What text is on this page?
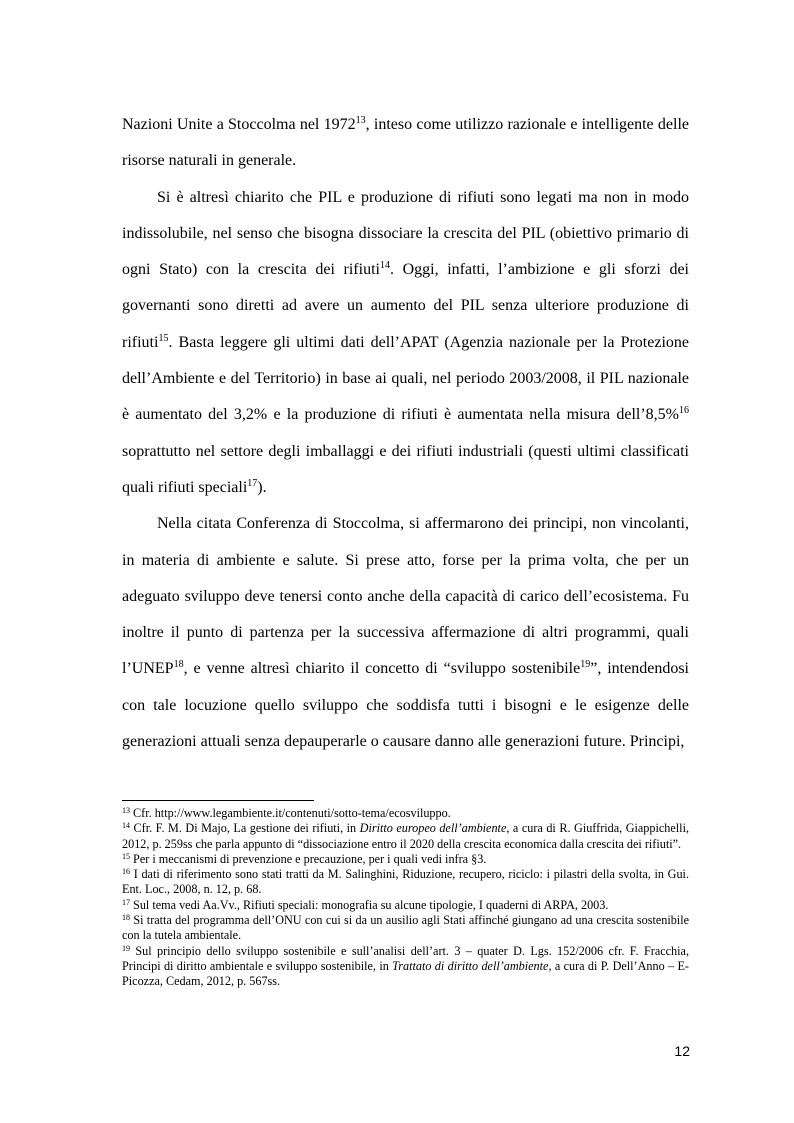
Nazioni Unite a Stoccolma nel 1972$^{13}$, inteso come utilizzo razionale e intelligente delle risorse naturali in generale.

Si è altresì chiarito che PIL e produzione di rifiuti sono legati ma non in modo indissolubile, nel senso che bisogna dissociare la crescita del PIL (obiettivo primario di ogni Stato) con la crescita dei rifiuti$^{14}$. Oggi, infatti, l’ambizione e gli sforzi dei governanti sono diretti ad avere un aumento del PIL senza ulteriore produzione di rifiuti$^{15}$. Basta leggere gli ultimi dati dell’APAT (Agenzia nazionale per la Protezione dell’Ambiente e del Territorio) in base ai quali, nel periodo 2003/2008, il PIL nazionale è aumentato del 3,2% e la produzione di rifiuti è aumentata nella misura dell’8,5%$^{16}$ soprattutto nel settore degli imballaggi e dei rifiuti industriali (questi ultimi classificati quali rifiuti speciali$^{17}$).

Nella citata Conferenza di Stoccolma, si affermarono dei principi, non vincolanti, in materia di ambiente e salute. Si prese atto, forse per la prima volta, che per un adeguato sviluppo deve tenersi conto anche della capacità di carico dell’ecosistema. Fu inoltre il punto di partenza per la successiva affermazione di altri programmi, quali l’UNEP$^{18}$, e venne altresì chiarito il concetto di “sviluppo sostenibile$^{19}$”, intendendosi con tale locuzione quello sviluppo che soddisfa tutti i bisogni e le esigenze delle generazioni attuali senza depauperarle o causare danno alle generazioni future. Principi,

$^{13}$ Cfr. http://www.legambiente.it/contenuti/sotto-tema/ecosviluppo.

$^{14}$ Cfr. F. M. Di Majo, La gestione dei rifiuti, in Diritto europeo dell’ambiente, a cura di R. Giuffrida, Giappichelli, 2012, p. 259ss che parla appunto di “dissociazione entro il 2020 della crescita economica dalla crescita dei rifiuti”.

$^{15}$ Per i meccanismi di prevenzione e precauzione, per i quali vedi infra §3.

$^{16}$ I dati di riferimento sono stati tratti da M. Salinghini, Riduzione, recupero, riciclo: i pilastri della svolta, in Gui. Ent. Loc., 2008, n. 12, p. 68.

$^{17}$ Sul tema vedi Aa.Vv., Rifiuti speciali: monografia su alcune tipologie, I quaderni di ARPA, 2003.

$^{18}$ Si tratta del programma dell’ONU con cui si da un ausilio agli Stati affinché giungano ad una crescita sostenibile con la tutela ambientale.

$^{19}$ Sul principio dello sviluppo sostenibile e sull’analisi dell’art. 3 – quater D. Lgs. 152/2006 cfr. F. Fracchia, Principi di diritto ambientale e sviluppo sostenibile, in Trattato di diritto dell’ambiente, a cura di P. Dell’Anno – E- Picozza, Cedam, 2012, p. 567ss.

12
